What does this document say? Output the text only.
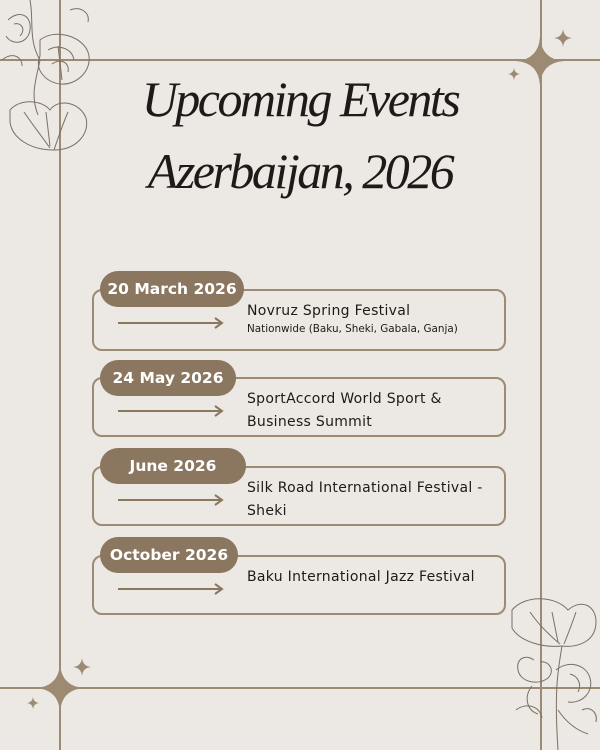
Upcoming Events
Azerbaijan, 2026
Novruz Spring Festival
Nationwide (Baku, Sheki, Gabala, Ganja)
20 March 2026
SportAccord World Sport & Business Summit
24 May 2026
Silk Road International Festival - Sheki
June 2026
Baku International Jazz Festival
October 2026
